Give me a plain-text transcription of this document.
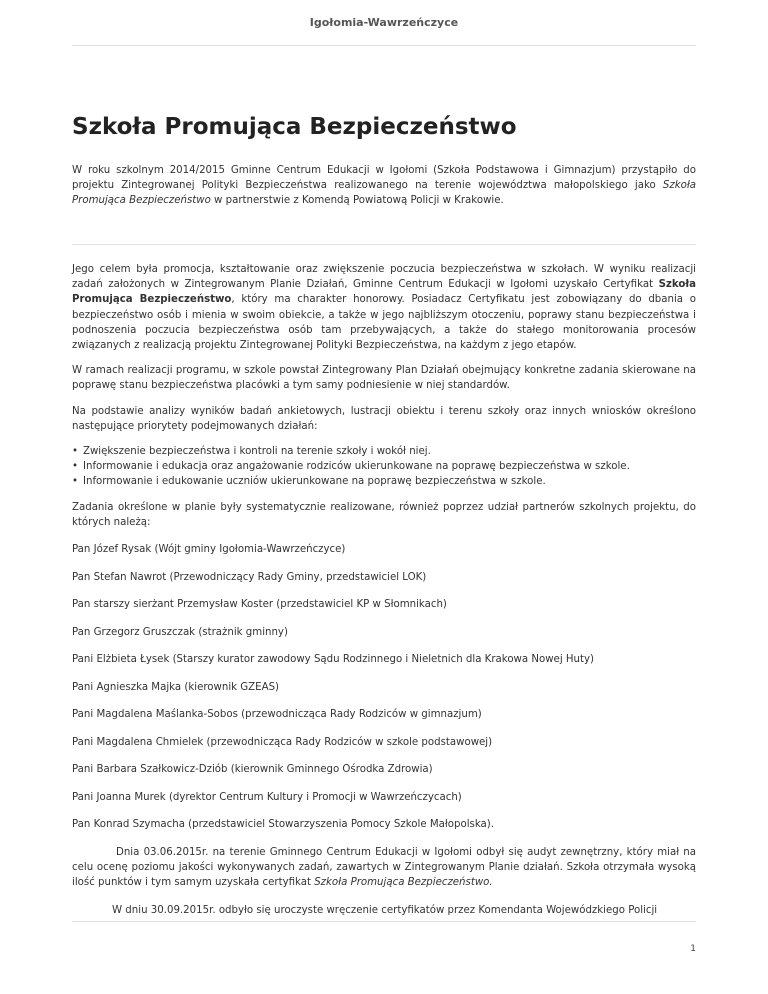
Igołomia-Wawrzeńczyce
Szkoła Promująca Bezpieczeństwo

W roku szkolnym 2014/2015 Gminne Centrum Edukacji w Igołomi (Szkoła Podstawowa i Gimnazjum) przystąpiło do projektu Zintegrowanej Polityki Bezpieczeństwa realizowanego na terenie województwa małopolskiego jako Szkoła Promująca Bezpieczeństwo w partnerstwie z Komendą Powiatową Policji w Krakowie.

Jego celem była promocja, kształtowanie oraz zwiększenie poczucia bezpieczeństwa w szkołach. W wyniku realizacji zadań założonych w Zintegrowanym Planie Działań, Gminne Centrum Edukacji w Igołomi uzyskało Certyfikat Szkoła Promująca Bezpieczeństwo, który ma charakter honorowy. Posiadacz Certyfikatu jest zobowiązany do dbania o bezpieczeństwo osób i mienia w swoim obiekcie, a także w jego najbliższym otoczeniu, poprawy stanu bezpieczeństwa i podnoszenia poczucia bezpieczeństwa osób tam przebywających, a także do stałego monitorowania procesów związanych z realizacją projektu Zintegrowanej Polityki Bezpieczeństwa, na każdym z jego etapów.

W ramach realizacji programu, w szkole powstał Zintegrowany Plan Działań obejmujący konkretne zadania skierowane na poprawę stanu bezpieczeństwa placówki a tym samy podniesienie w niej standardów.

Na podstawie analizy wyników badań ankietowych, lustracji obiektu i terenu szkoły oraz innych wniosków określono następujące priorytety podejmowanych działań:

• Zwiększenie bezpieczeństwa i kontroli na terenie szkoły i wokół niej.
• Informowanie i edukacja oraz angażowanie rodziców ukierunkowane na poprawę bezpieczeństwa w szkole.
• Informowanie i edukowanie uczniów ukierunkowane na poprawę bezpieczeństwa w szkole.

Zadania określone w planie były systematycznie realizowane, również poprzez udział partnerów szkolnych projektu, do których należą:

Pan Józef Rysak (Wójt gminy Igołomia-Wawrzeńczyce)

Pan Stefan Nawrot (Przewodniczący Rady Gminy, przedstawiciel LOK)

Pan starszy sierżant Przemysław Koster (przedstawiciel KP w Słomnikach)

Pan Grzegorz Gruszczak (strażnik gminny)

Pani Elżbieta Łysek (Starszy kurator zawodowy Sądu Rodzinnego i Nieletnich dla Krakowa Nowej Huty)

Pani Agnieszka Majka (kierownik GZEAS)

Pani Magdalena Maślanka-Sobos (przewodnicząca Rady Rodziców w gimnazjum)

Pani Magdalena Chmielek (przewodnicząca Rady Rodziców w szkole podstawowej)

Pani Barbara Szałkowicz-Dziób (kierownik Gminnego Ośrodka Zdrowia)

Pani Joanna Murek (dyrektor Centrum Kultury i Promocji w Wawrzeńczycach)

Pan Konrad Szymacha (przedstawiciel Stowarzyszenia Pomocy Szkole Małopolska).

Dnia 03.06.2015r. na terenie Gminnego Centrum Edukacji w Igołomi odbył się audyt zewnętrzny, który miał na celu ocenę poziomu jakości wykonywanych zadań, zawartych w Zintegrowanym Planie działań. Szkoła otrzymała wysoką ilość punktów i tym samym uzyskała certyfikat Szkoła Promująca Bezpieczeństwo.

W dniu 30.09.2015r. odbyło się uroczyste wręczenie certyfikatów przez Komendanta Wojewódzkiego Policji

1
